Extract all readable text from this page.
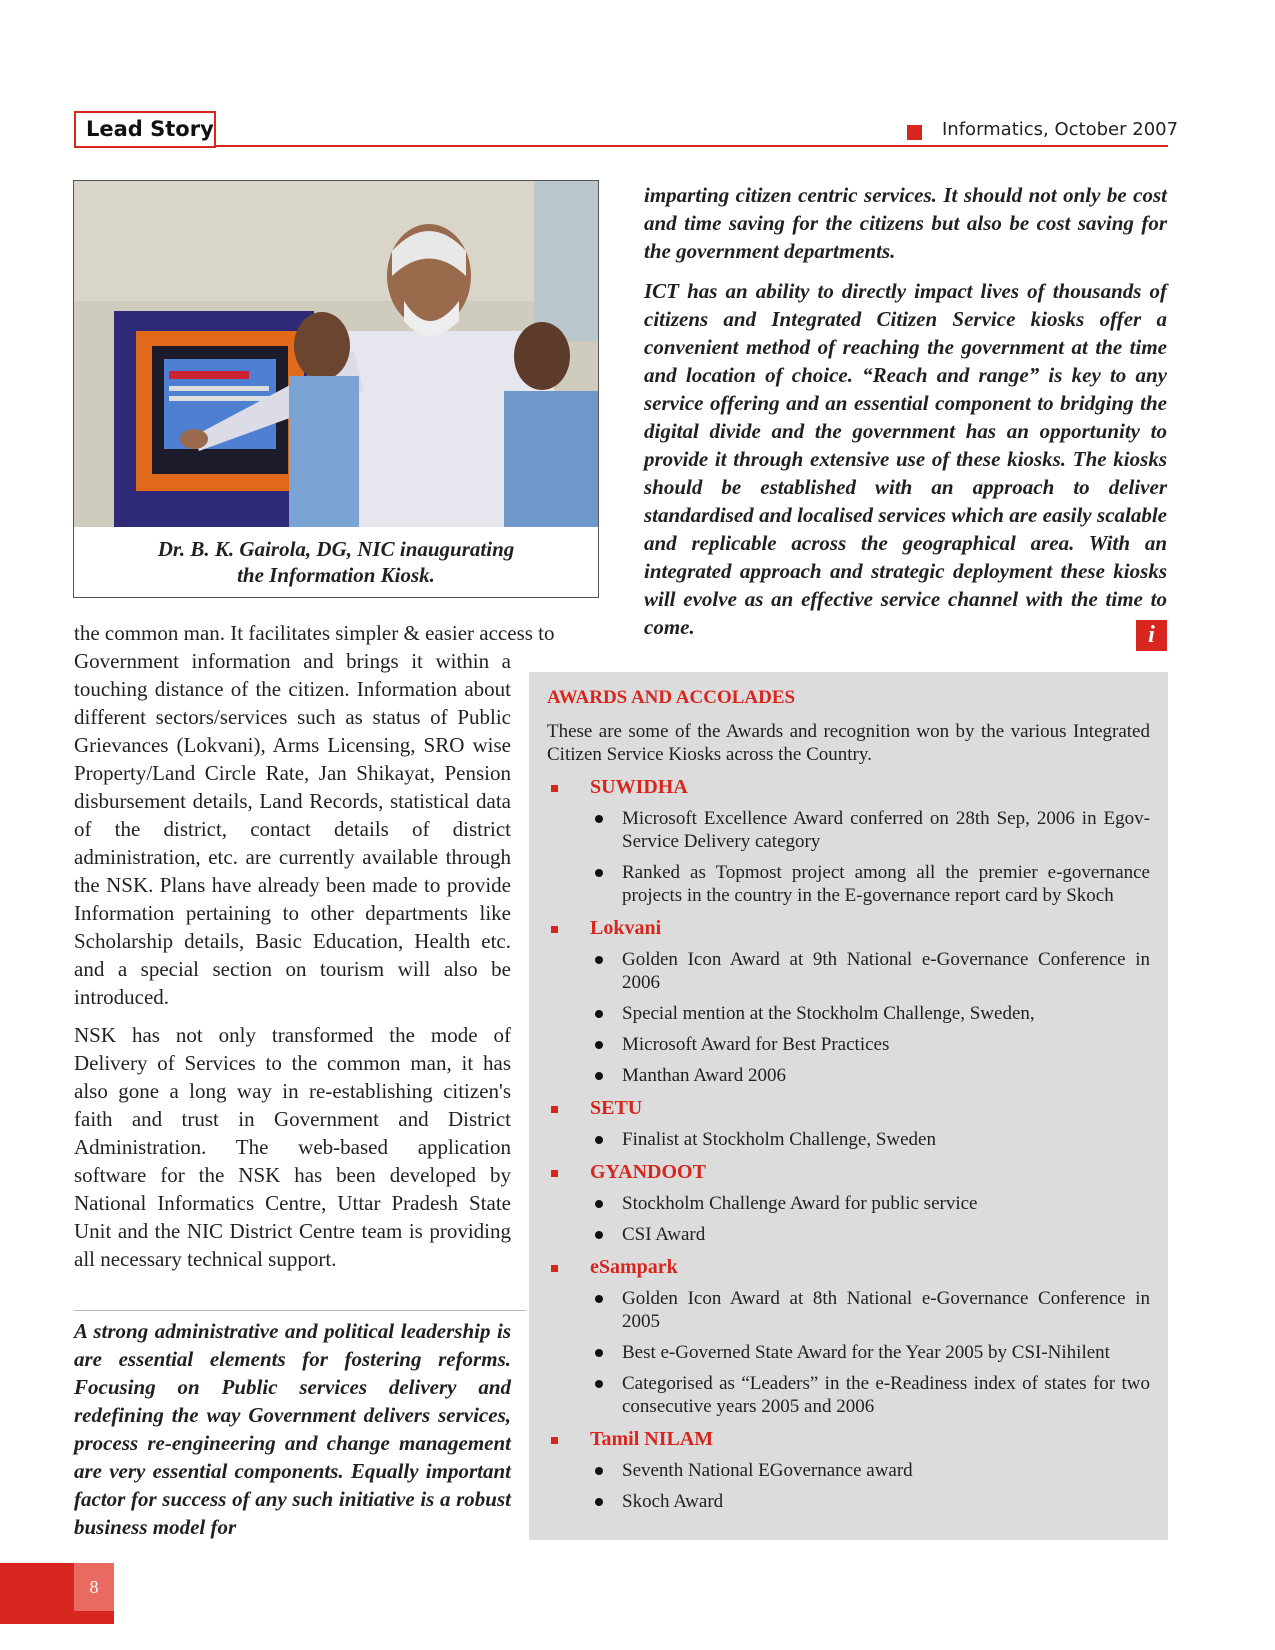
Lead Story	Informatics, October 2007
Dr. B. K. Gairola, DG, NIC inaugurating
the Information Kiosk.
the common man. It facilitates simpler & easier access to

Government information and brings it within a touching distance of the citizen. Information about different sectors/services such as status of Public Grievances (Lokvani), Arms Licensing, SRO wise Property/Land Circle Rate, Jan Shikayat, Pension disbursement details, Land Records, statistical data of the district, contact details of district administration, etc. are currently available through the NSK. Plans have already been made to provide Information pertaining to other departments like Scholarship details, Basic Education, Health etc. and a special section on tourism will also be introduced.

NSK has not only transformed the mode of Delivery of Services to the common man, it has also gone a long way in re-establishing citizen's faith and trust in Government and District Administration. The web-based application software for the NSK has been developed by National Informatics Centre, Uttar Pradesh State Unit and the NIC District Centre team is providing all necessary technical support.

A strong administrative and political leadership is are essential elements for fostering reforms. Focusing on Public services delivery and redefining the way Government delivers services, process re-engineering and change management are very essential components. Equally important factor for success of any such initiative is a robust business model for

imparting citizen centric services. It should not only be cost and time saving for the citizens but also be cost saving for the government departments.

ICT has an ability to directly impact lives of thousands of citizens and Integrated Citizen Service kiosks offer a convenient method of reaching the government at the time and location of choice. “Reach and range” is key to any service offering and an essential component to bridging the digital divide and the government has an opportunity to provide it through extensive use of these kiosks. The kiosks should be established with an approach to deliver standardised and localised services which are easily scalable and replicable across the geographical area. With an integrated approach and strategic deployment these kiosks will evolve as an effective service channel with the time to come.	i
AWARDS AND ACCOLADES
These are some of the Awards and recognition won by the various Integrated Citizen Service Kiosks across the Country.
SUWIDHA
Microsoft Excellence Award conferred on 28th Sep, 2006 in Egov- Service Delivery category
Ranked as Topmost project among all the premier e-governance projects in the country in the E-governance report card by Skoch
Lokvani
Golden Icon Award at 9th National e-Governance Conference in 2006
Special mention at the Stockholm Challenge, Sweden,
Microsoft Award for Best Practices
Manthan Award 2006
SETU
Finalist at Stockholm Challenge, Sweden
GYANDOOT
Stockholm Challenge Award for public service
CSI Award
eSampark
Golden Icon Award at 8th National e-Governance Conference in 2005
Best e-Governed State Award for the Year 2005 by CSI-Nihilent
Categorised as “Leaders” in the e-Readiness index of states for two consecutive years 2005 and 2006
Tamil NILAM
Seventh National EGovernance award
Skoch Award
8
